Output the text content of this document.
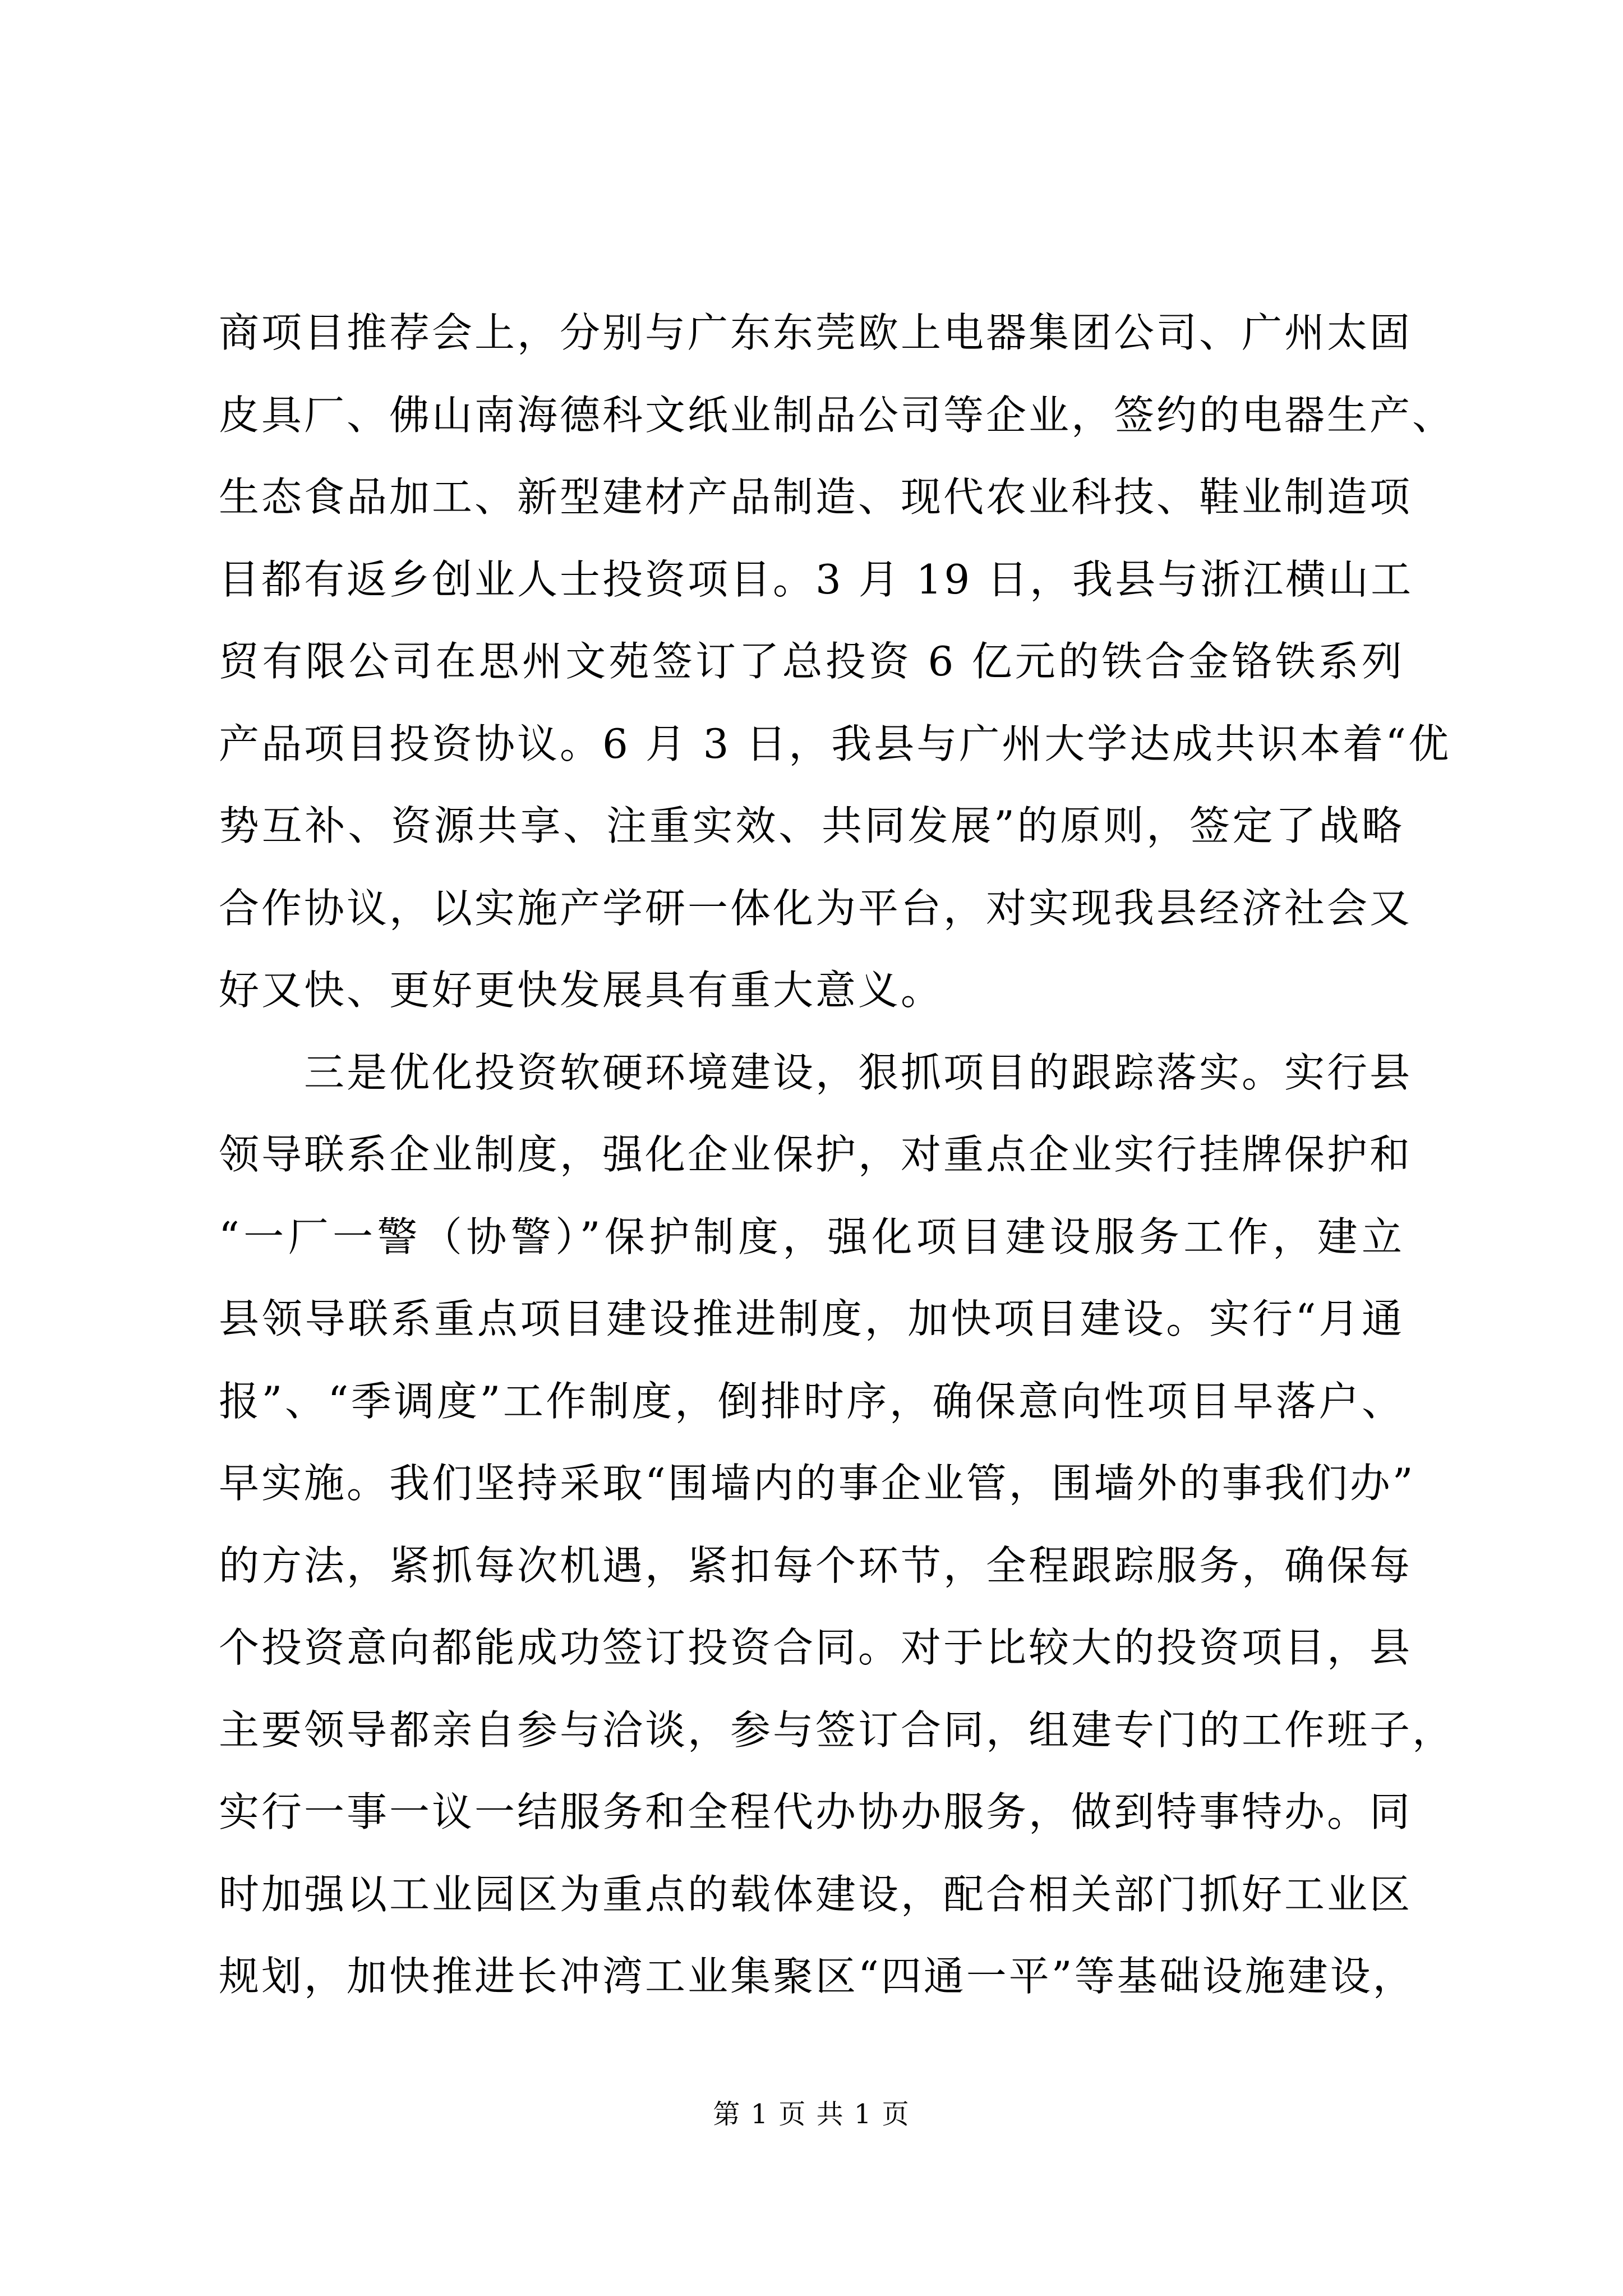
商项目推荐会上，分别与广东东莞欧上电器集团公司、广州太固
皮具厂、佛山南海德科文纸业制品公司等企业，签约的电器生产、
生态食品加工、新型建材产品制造、现代农业科技、鞋业制造项
目都有返乡创业人士投资项目。3 月 19 日，我县与浙江横山工
贸有限公司在思州文苑签订了总投资 6 亿元的铁合金铬铁系列
产品项目投资协议。6 月 3 日，我县与广州大学达成共识本着“优
势互补、资源共享、注重实效、共同发展”的原则，签定了战略
合作协议，以实施产学研一体化为平台，对实现我县经济社会又
好又快、更好更快发展具有重大意义。
　　三是优化投资软硬环境建设，狠抓项目的跟踪落实。实行县
领导联系企业制度，强化企业保护，对重点企业实行挂牌保护和
“一厂一警（协警）”保护制度，强化项目建设服务工作，建立
县领导联系重点项目建设推进制度，加快项目建设。实行“月通
报”、“季调度”工作制度，倒排时序，确保意向性项目早落户、
早实施。我们坚持采取“围墙内的事企业管，围墙外的事我们办”
的方法，紧抓每次机遇，紧扣每个环节，全程跟踪服务，确保每
个投资意向都能成功签订投资合同。对于比较大的投资项目，县
主要领导都亲自参与洽谈，参与签订合同，组建专门的工作班子，
实行一事一议一结服务和全程代办协办服务，做到特事特办。同
时加强以工业园区为重点的载体建设，配合相关部门抓好工业区
规划，加快推进长冲湾工业集聚区“四通一平”等基础设施建设，
第 1 页 共 1 页
